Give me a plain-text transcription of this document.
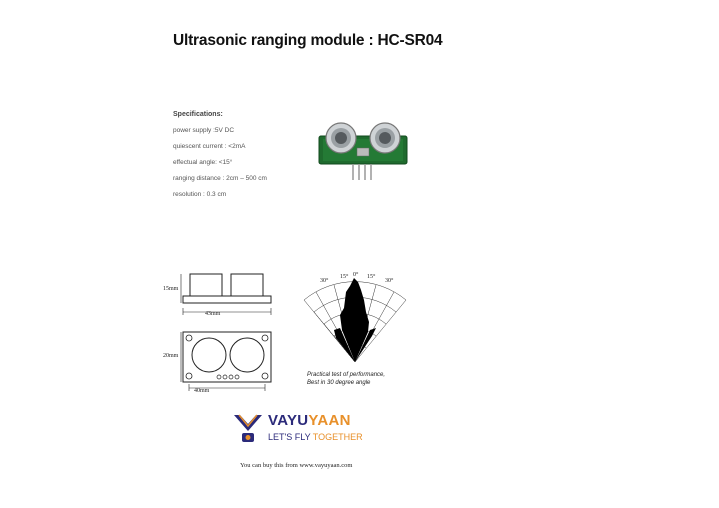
Ultrasonic ranging module : HC-SR04
Specifications:
power supply :5V DC
quiescent current : <2mA
effectual angle: <15°
ranging distance : 2cm – 500 cm
resolution : 0.3 cm
15mm
43mm
20mm
40mm
30°
15° 0° 15°
30°
Practical test of performance,
Best in 30 degree angle
VAYUYAAN
LET'S FLY TOGETHER
You can buy this from www.vayuyaan.com
